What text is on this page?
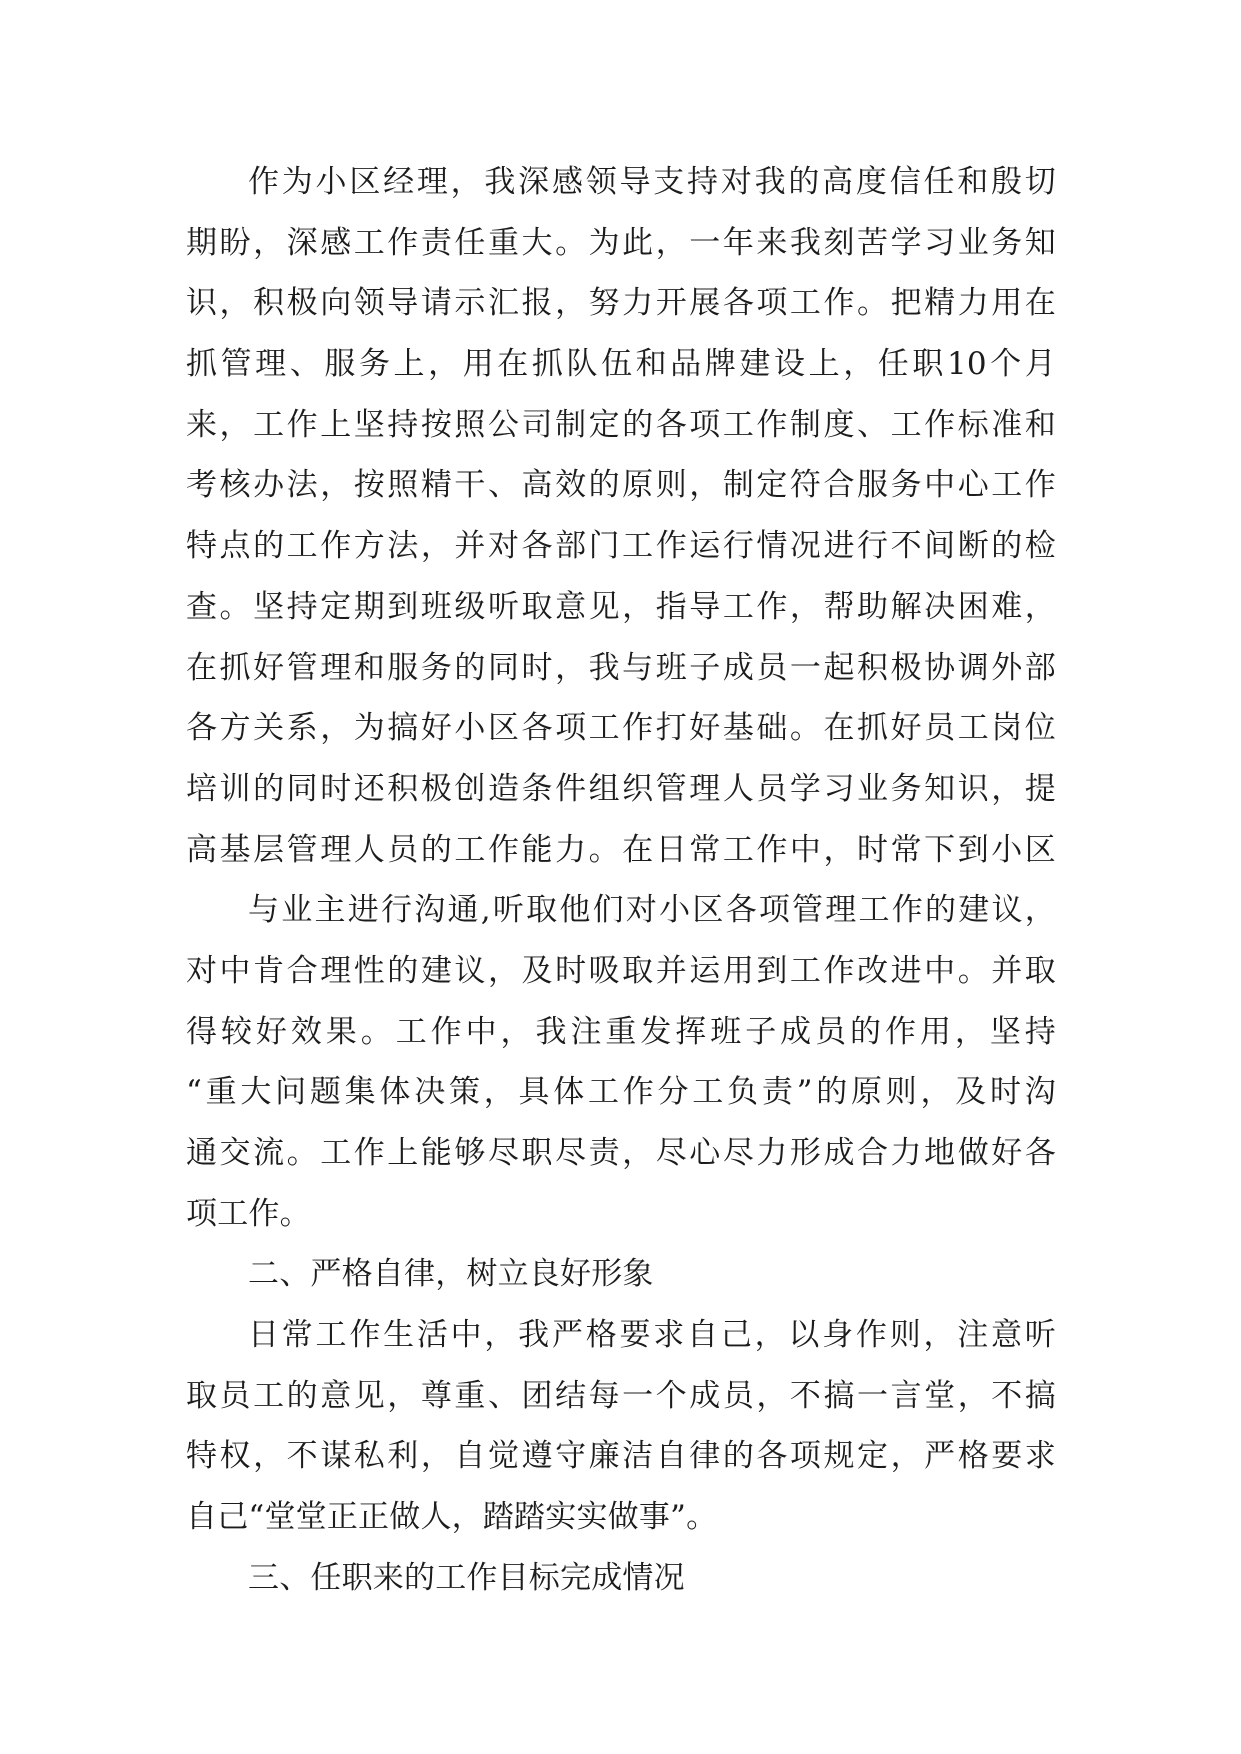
作为小区经理，我深感领导支持对我的高度信任和殷切
期盼，深感工作责任重大。为此，一年来我刻苦学习业务知
识，积极向领导请示汇报，努力开展各项工作。把精力用在
抓管理、服务上，用在抓队伍和品牌建设上，任职10个月
来，工作上坚持按照公司制定的各项工作制度、工作标准和
考核办法，按照精干、高效的原则，制定符合服务中心工作
特点的工作方法，并对各部门工作运行情况进行不间断的检
查。坚持定期到班级听取意见，指导工作，帮助解决困难，
在抓好管理和服务的同时，我与班子成员一起积极协调外部
各方关系，为搞好小区各项工作打好基础。在抓好员工岗位
培训的同时还积极创造条件组织管理人员学习业务知识，提
高基层管理人员的工作能力。在日常工作中，时常下到小区
与业主进行沟通,听取他们对小区各项管理工作的建议，
对中肯合理性的建议，及时吸取并运用到工作改进中。并取
得较好效果。工作中，我注重发挥班子成员的作用，坚持
“重大问题集体决策，具体工作分工负责”的原则，及时沟
通交流。工作上能够尽职尽责，尽心尽力形成合力地做好各
项工作。
二、严格自律，树立良好形象
日常工作生活中，我严格要求自己，以身作则，注意听
取员工的意见，尊重、团结每一个成员，不搞一言堂，不搞
特权，不谋私利，自觉遵守廉洁自律的各项规定，严格要求
自己“堂堂正正做人，踏踏实实做事”。
三、任职来的工作目标完成情况
